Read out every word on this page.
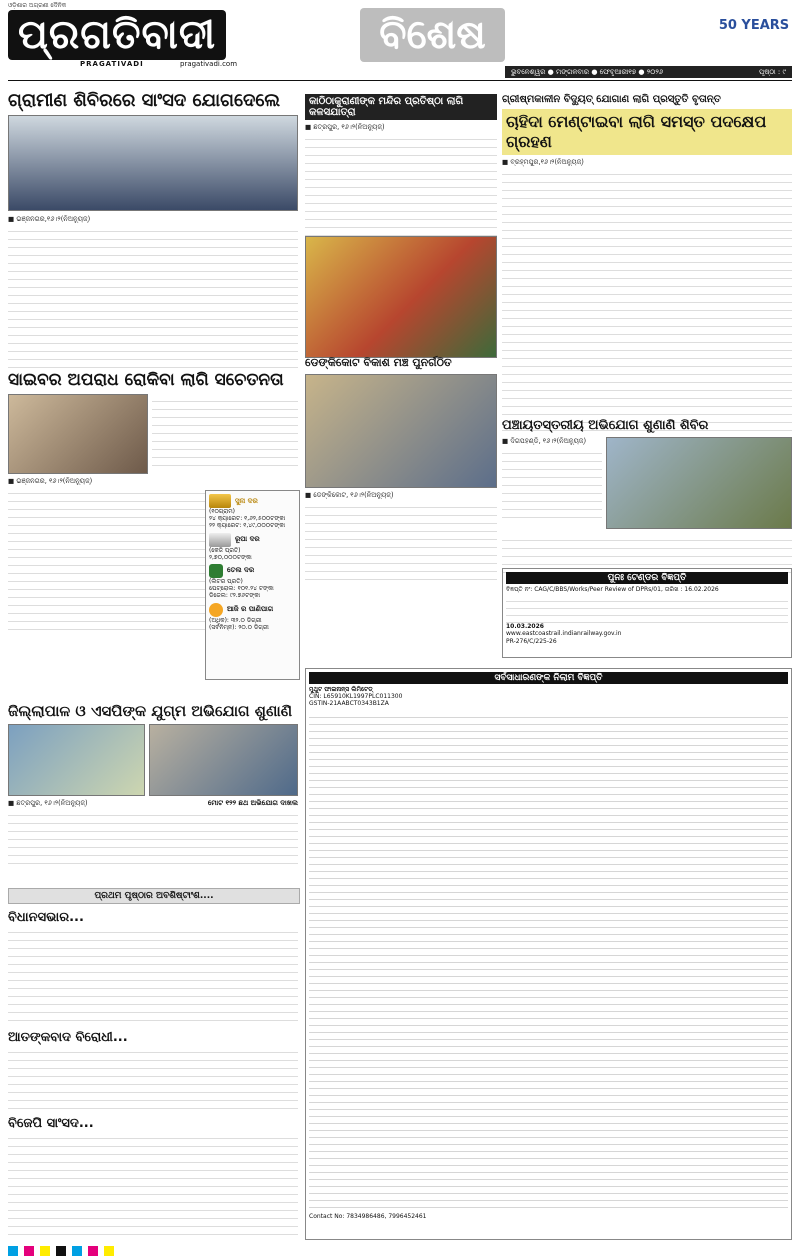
ଓଡ଼ିଶାର ଅଗ୍ରଣୀ ଦୈନିକ
ପ୍ରଗତିବାଦୀ
PRAGATIVADI	pragativadi.com
ବିଶେଷ	50 YEARS
ଭୁବନେଶ୍ୱର ● ମଙ୍ଗଳବାର ● ଫେବୃଆରୀ୧୭ ● ୨୦୨୬	ପୃଷ୍ଠା : ୯
ଗ୍ରାମୀଣ ଶିବିରରେ ସାଂସଦ ଯୋଗଦେଲେ
■ ଭଞ୍ଜନଗର,୧୬।୨(ନିଅନ୍ୟୁଜ୍)
କାଠିଠାକୁରାଣୀଙ୍କ ମନ୍ଦିର ପ୍ରତିଷ୍ଠା ଲାଗି କଳସଯାତ୍ରା
■ ଛତ୍ରପୁର, ୧୬।୨(ନିଅନ୍ୟୁଜ୍)
ଗ୍ରୀଷ୍ମକାଳୀନ ବିଦ୍ୟୁତ୍ ଯୋଗାଣ ଲାଗି ପ୍ରସ୍ତୁତି ବୃତାନ୍ତ
ଚାହିଦା ମେଣ୍ଟାଇବା ଲାଗି ସମସ୍ତ ପଦକ୍ଷେପ ଗ୍ରହଣ
■ ବ୍ରହ୍ମପୁର,୧୬।୨(ନିଅନ୍ୟୁଜ୍)
ସାଇବର ଅପରାଧ ରୋକିବା ଲାଗି ସଚେତନତା
■ ଭଞ୍ଜନଗର, ୧୬।୨(ନିଅନ୍ୟୁଜ୍)
ସୁନା ଦର
(୧୦ଗ୍ରାମ)
୨୪ କ୍ୟାରେଟ: ୧,୬୨,୫୦୦ଟଙ୍କା
୨୨ କ୍ୟାରେଟ: ୧,୪୯,୦୦୦ଟଙ୍କା
ରୂପା ଦର
(କେଜି ପ୍ରତି)
୨,୭୦,୦୦୦ଟଙ୍କା
ତେଲ ଦର
(ଲିଟର ପ୍ରତି)
ପେଟ୍ରୋଲ: ୧୦୧.୨୪ ଟଙ୍କା
ଡିଜେଲ: ୯୨.୭୬ଟଙ୍କା
ଆଜି ର ପାଣିପାଗ
(ଅଧିକ): ୩୨.୦ ଡିଗ୍ରୀ
(ସର୍ବନିମ୍ନ): ୨୦.୦ ଡିଗ୍ରୀ
ଡେଙ୍କିକୋଟ ବିକାଶ ମଞ୍ଚ ପୁନର୍ଗଠିତ
■ ଡେଙ୍କିକୋଟ, ୧୬।୨(ନିଅନ୍ୟୁଜ୍)
ପଞ୍ଚାୟତସ୍ତରୀୟ ଅଭିଯୋଗ ଶୁଣାଣି ଶିବିର
■ ଦିଗପହଣ୍ଡି, ୧୬।୨(ନିଅନ୍ୟୁଜ୍)
ପୁନଃ ଟେଣ୍ଡର ବିଜ୍ଞପ୍ତି
ବିଜ୍ଞପ୍ତି ନଂ: CAG/C/BBS/Works/Peer Review of DPRs/01, ତାରିଖ : 16.02.2026
10.03.2026
www.eastcoastrail.indianrailway.gov.in
PR-276/C/225-26
ଜିଲ୍ଲାପାଳ ଓ ଏସପିଙ୍କ ଯୁଗ୍ମ ଅଭିଯୋଗ ଶୁଣାଣି
■ ଛତ୍ରପୁର, ୧୬।୨(ନିଅନ୍ୟୁଜ୍)	ମୋଟ ୧୨୨ ଛଥ ଅଭିଯୋଗ ଦାଖଲ
ପ୍ରଥମ ପୃଷ୍ଠାର ଅବଶିଷ୍ଟାଂଶ....
ବିଧାନସଭାର...
ଆତଙ୍କବାଦ ବିରୋଧୀ...
ବିଜେପି ସାଂସଦ...
ସର୍ବସାଧାରଣଙ୍କ ନିଲାମ ବିଜ୍ଞପ୍ତି
ମୁଥୁଟ ଫାଇନାନ୍ସ ଲିମିଟେଡ୍
CIN: L65910KL1997PLC011300
GSTIN-21AABCT0343B1ZA
Contact No: 7834986486, 7996452461
